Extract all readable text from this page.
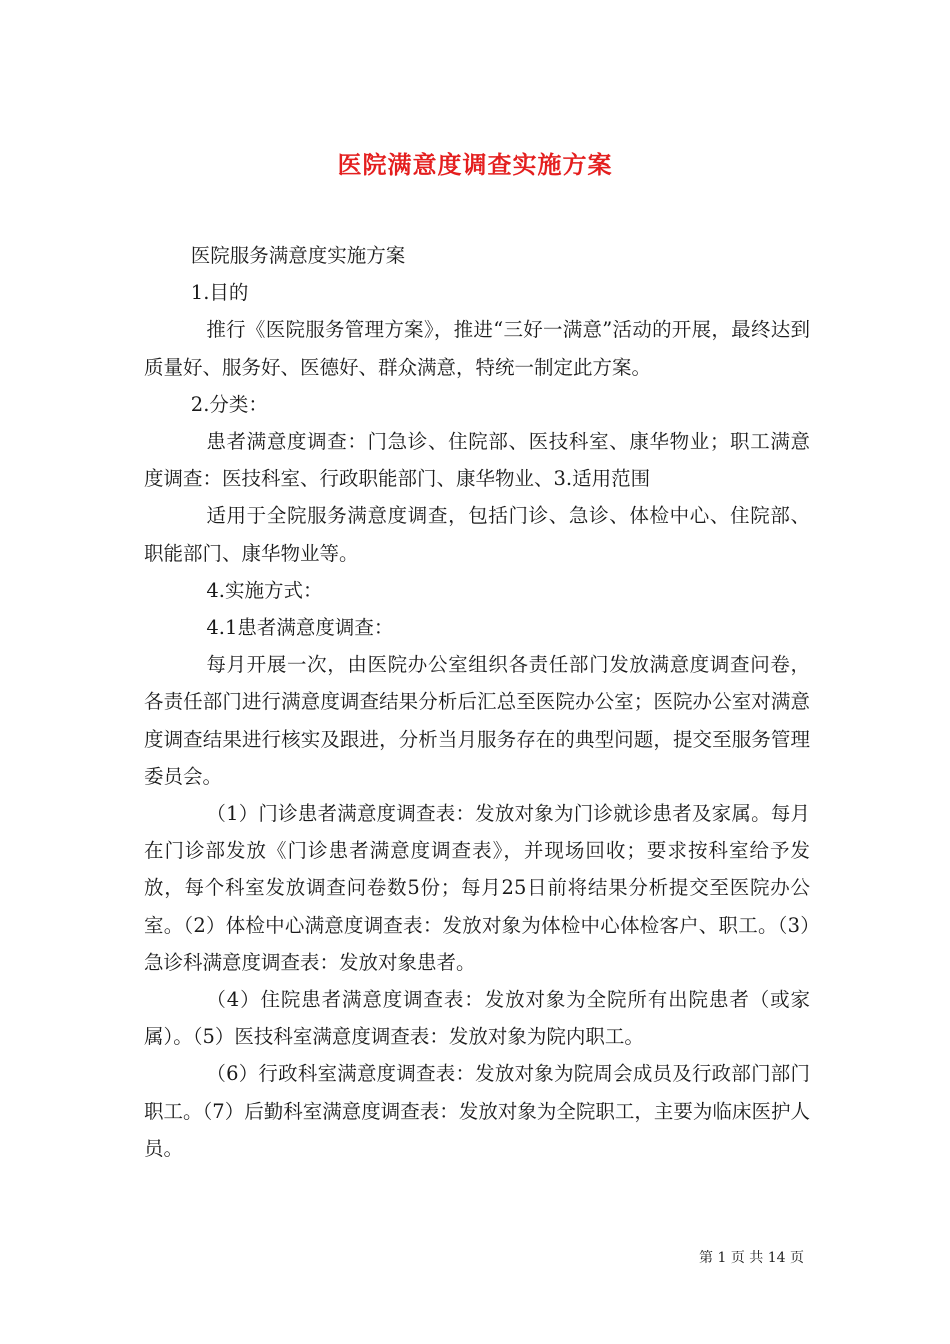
医院满意度调查实施方案

医院服务满意度实施方案

1.目的

推行《医院服务管理方案》，推进“三好一满意”活动的开展，最终达到质量好、服务好、医德好、群众满意，特统一制定此方案。

2.分类：

患者满意度调查：门急诊、住院部、医技科室、康华物业；职工满意度调查：医技科室、行政职能部门、康华物业、3.适用范围

适用于全院服务满意度调查，包括门诊、急诊、体检中心、住院部、职能部门、康华物业等。

4.实施方式：

4.1患者满意度调查：

每月开展一次，由医院办公室组织各责任部门发放满意度调查问卷，各责任部门进行满意度调查结果分析后汇总至医院办公室；医院办公室对满意度调查结果进行核实及跟进，分析当月服务存在的典型问题，提交至服务管理委员会。

（1）门诊患者满意度调查表：发放对象为门诊就诊患者及家属。每月在门诊部发放《门诊患者满意度调查表》，并现场回收；要求按科室给予发放，每个科室发放调查问卷数5份；每月25日前将结果分析提交至医院办公室。（2）体检中心满意度调查表：发放对象为体检中心体检客户、职工。（3）急诊科满意度调查表：发放对象患者。

（4）住院患者满意度调查表：发放对象为全院所有出院患者（或家属）。（5）医技科室满意度调查表：发放对象为院内职工。

（6）行政科室满意度调查表：发放对象为院周会成员及行政部门部门职工。（7）后勤科室满意度调查表：发放对象为全院职工，主要为临床医护人员。

第 1 页 共 14 页
